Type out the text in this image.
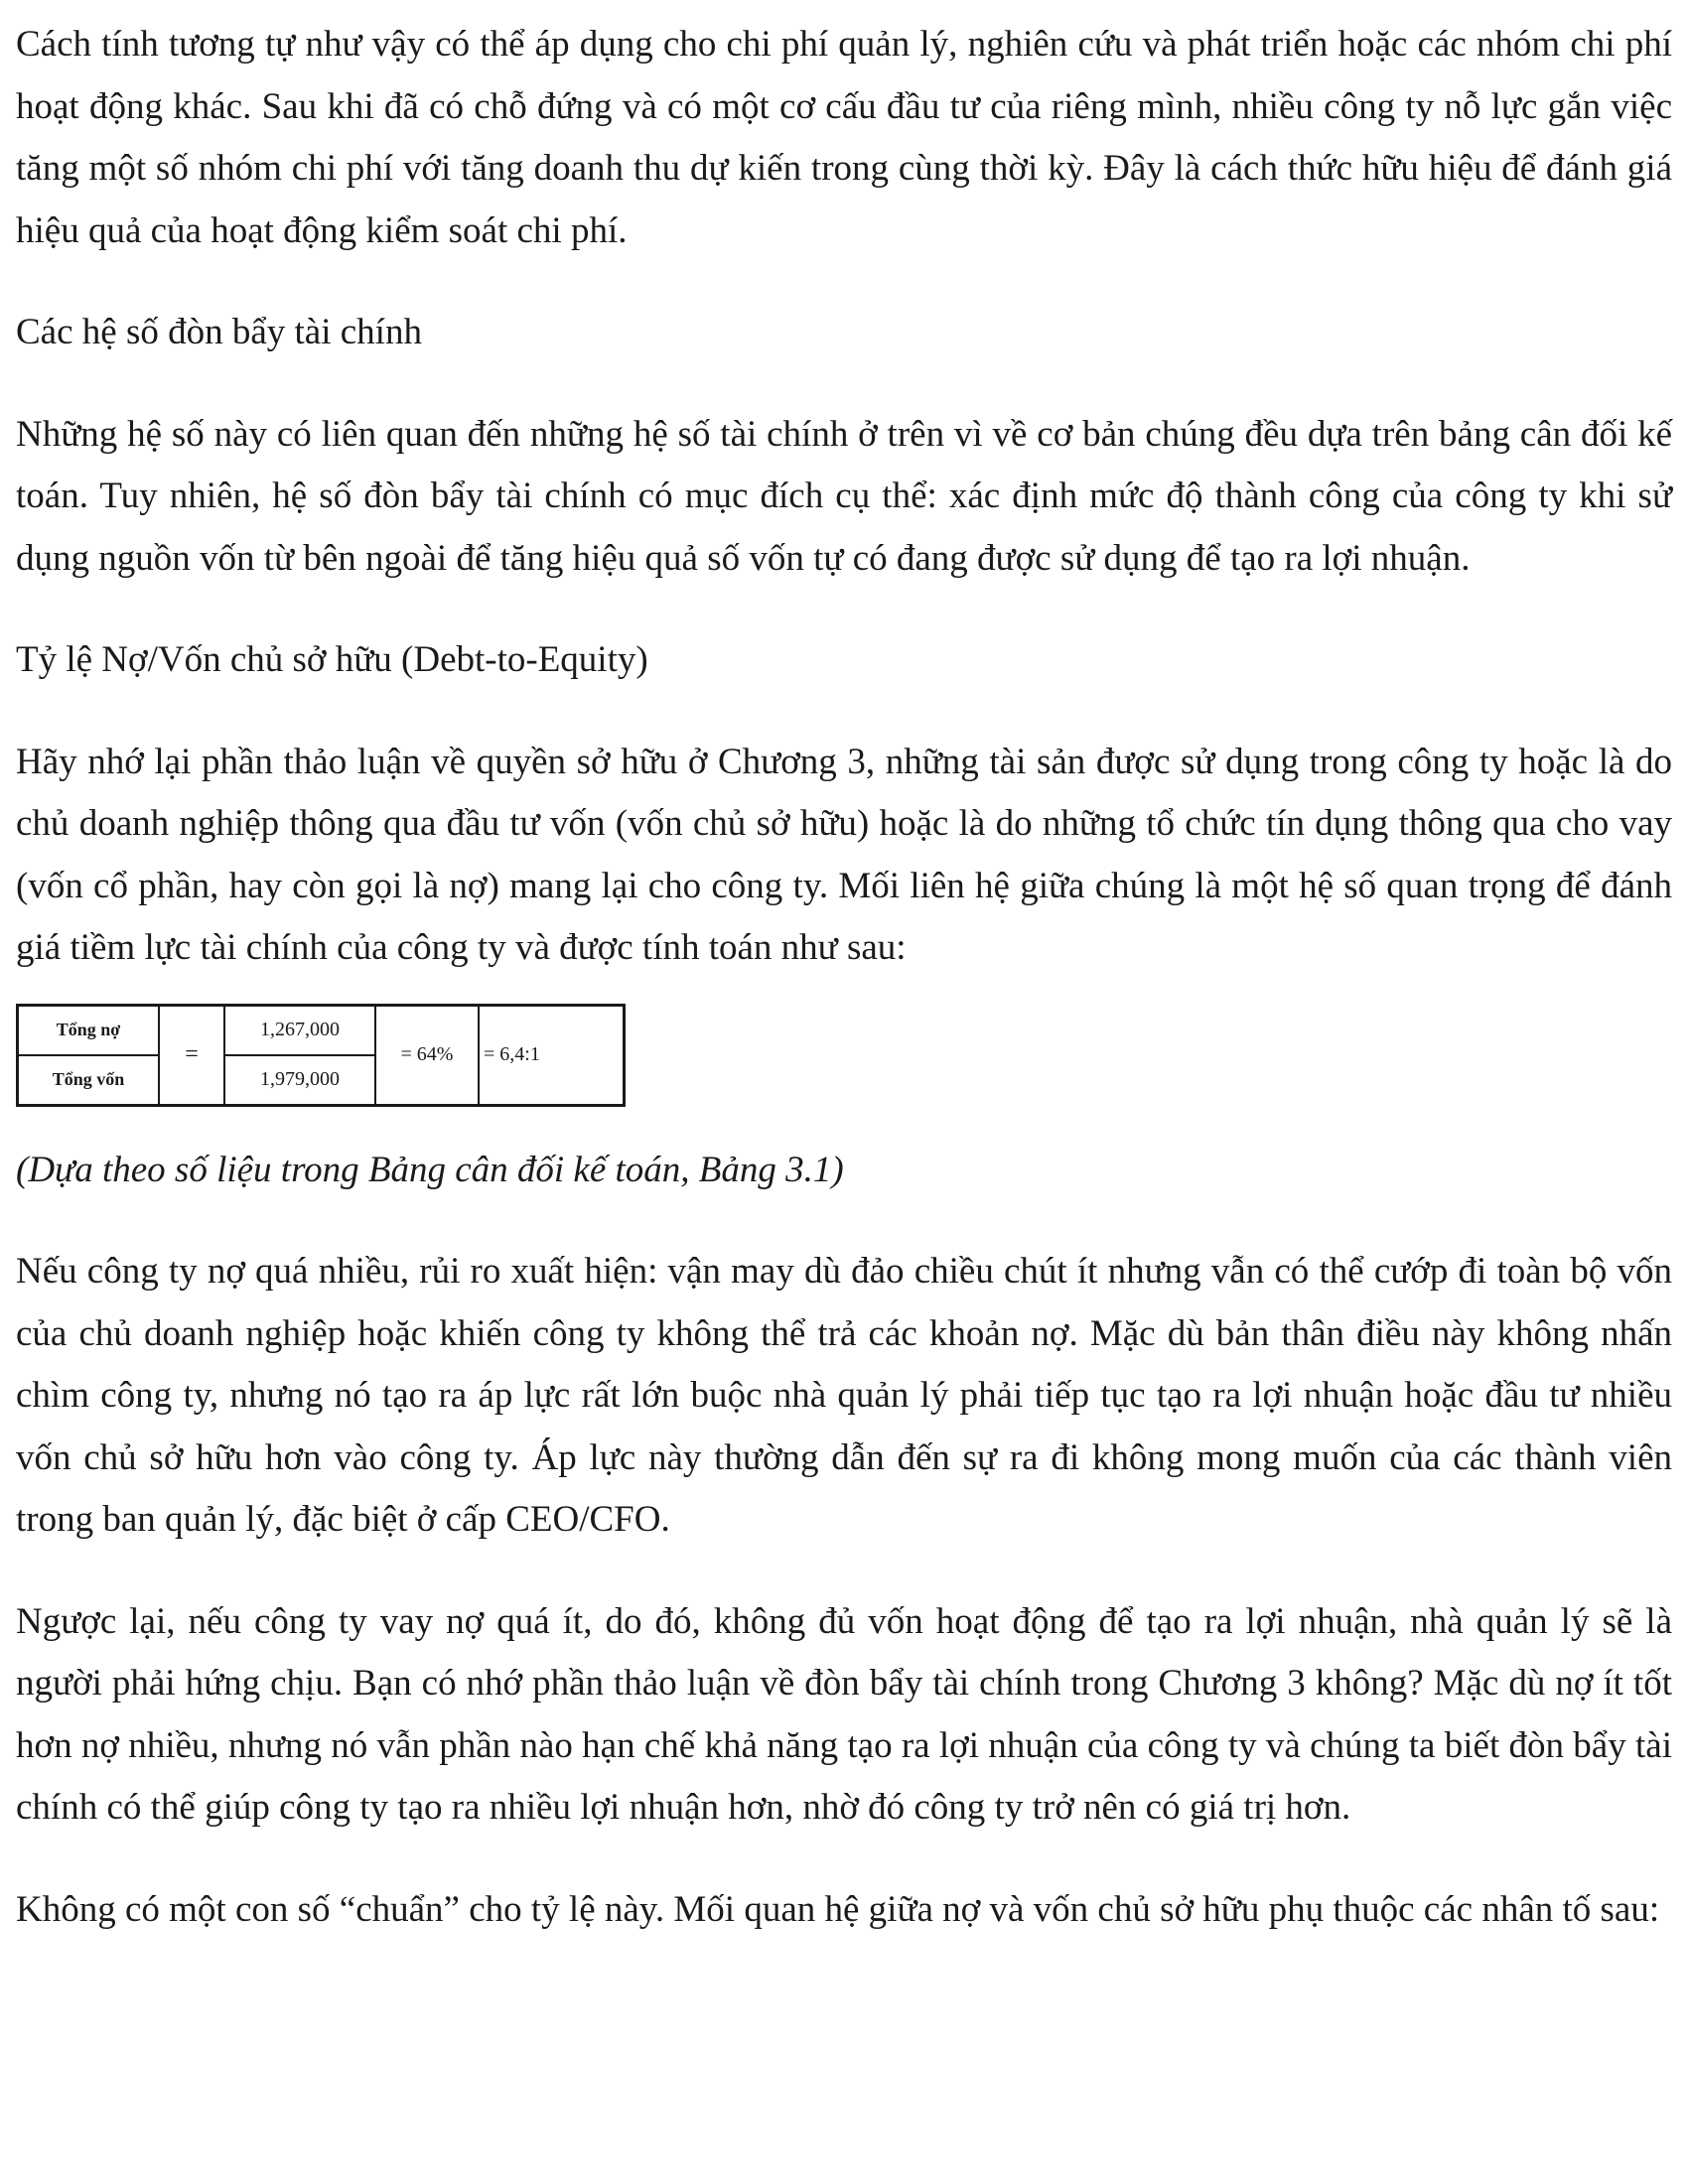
Cách tính tương tự như vậy có thể áp dụng cho chi phí quản lý, nghiên cứu và phát triển hoặc các nhóm chi phí hoạt động khác. Sau khi đã có chỗ đứng và có một cơ cấu đầu tư của riêng mình, nhiều công ty nỗ lực gắn việc tăng một số nhóm chi phí với tăng doanh thu dự kiến trong cùng thời kỳ. Đây là cách thức hữu hiệu để đánh giá hiệu quả của hoạt động kiểm soát chi phí.

Các hệ số đòn bẩy tài chính

Những hệ số này có liên quan đến những hệ số tài chính ở trên vì về cơ bản chúng đều dựa trên bảng cân đối kế toán. Tuy nhiên, hệ số đòn bẩy tài chính có mục đích cụ thể: xác định mức độ thành công của công ty khi sử dụng nguồn vốn từ bên ngoài để tăng hiệu quả số vốn tự có đang được sử dụng để tạo ra lợi nhuận.

Tỷ lệ Nợ/Vốn chủ sở hữu (Debt-to-Equity)

Hãy nhớ lại phần thảo luận về quyền sở hữu ở Chương 3, những tài sản được sử dụng trong công ty hoặc là do chủ doanh nghiệp thông qua đầu tư vốn (vốn chủ sở hữu) hoặc là do những tổ chức tín dụng thông qua cho vay (vốn cổ phần, hay còn gọi là nợ) mang lại cho công ty. Mối liên hệ giữa chúng là một hệ số quan trọng để đánh giá tiềm lực tài chính của công ty và được tính toán như sau:

Tổng nợ	=	1,267,000	= 64%	= 6,4:1
Tổng vốn		1,979,000		

(Dựa theo số liệu trong Bảng cân đối kế toán, Bảng 3.1)

Nếu công ty nợ quá nhiều, rủi ro xuất hiện: vận may dù đảo chiều chút ít nhưng vẫn có thể cướp đi toàn bộ vốn của chủ doanh nghiệp hoặc khiến công ty không thể trả các khoản nợ. Mặc dù bản thân điều này không nhấn chìm công ty, nhưng nó tạo ra áp lực rất lớn buộc nhà quản lý phải tiếp tục tạo ra lợi nhuận hoặc đầu tư nhiều vốn chủ sở hữu hơn vào công ty. Áp lực này thường dẫn đến sự ra đi không mong muốn của các thành viên trong ban quản lý, đặc biệt ở cấp CEO/CFO.

Ngược lại, nếu công ty vay nợ quá ít, do đó, không đủ vốn hoạt động để tạo ra lợi nhuận, nhà quản lý sẽ là người phải hứng chịu. Bạn có nhớ phần thảo luận về đòn bẩy tài chính trong Chương 3 không? Mặc dù nợ ít tốt hơn nợ nhiều, nhưng nó vẫn phần nào hạn chế khả năng tạo ra lợi nhuận của công ty và chúng ta biết đòn bẩy tài chính có thể giúp công ty tạo ra nhiều lợi nhuận hơn, nhờ đó công ty trở nên có giá trị hơn.

Không có một con số “chuẩn” cho tỷ lệ này. Mối quan hệ giữa nợ và vốn chủ sở hữu phụ thuộc các nhân tố sau:
